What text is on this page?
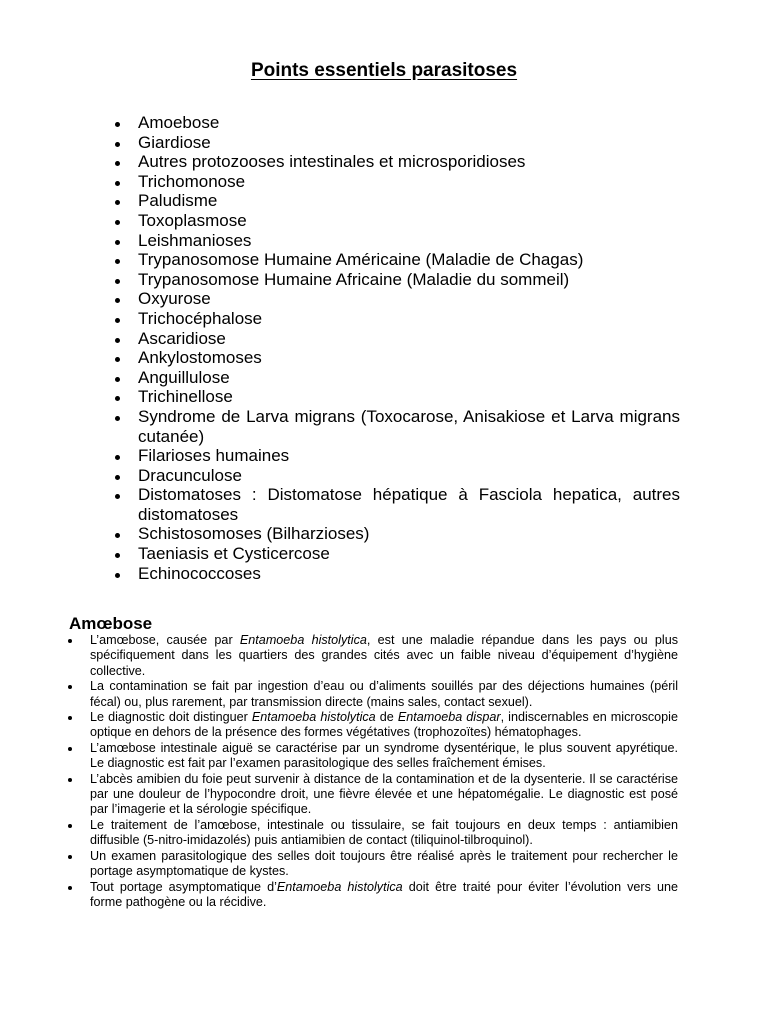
Points essentiels parasitoses
Amoebose
Giardiose
Autres protozooses intestinales et microsporidioses
Trichomonose
Paludisme
Toxoplasmose
Leishmanioses
Trypanosomose Humaine Américaine (Maladie de Chagas)
Trypanosomose Humaine Africaine (Maladie du sommeil)
Oxyurose
Trichocéphalose
Ascaridiose
Ankylostomoses
Anguillulose
Trichinellose
Syndrome de Larva migrans (Toxocarose, Anisakiose et Larva migrans cutanée)
Filarioses humaines
Dracunculose
Distomatoses : Distomatose hépatique à Fasciola hepatica, autres distomatoses
Schistosomoses (Bilharzioses)
Taeniasis et Cysticercose
Echinococcoses
Amœbose
L’amœbose, causée par Entamoeba histolytica, est une maladie répandue dans les pays ou plus spécifiquement dans les quartiers des grandes cités avec un faible niveau d’équipement d’hygiène collective.
La contamination se fait par ingestion d’eau ou d’aliments souillés par des déjections humaines (péril fécal) ou, plus rarement, par transmission directe (mains sales, contact sexuel).
Le diagnostic doit distinguer Entamoeba histolytica de Entamoeba dispar, indiscernables en microscopie optique en dehors de la présence des formes végétatives (trophozoïtes) hématophages.
L’amœbose intestinale aiguë se caractérise par un syndrome dysentérique, le plus souvent apyrétique. Le diagnostic est fait par l’examen parasitologique des selles fraîchement émises.
L’abcès amibien du foie peut survenir à distance de la contamination et de la dysenterie. Il se caractérise par une douleur de l’hypocondre droit, une fièvre élevée et une hépatomégalie. Le diagnostic est posé par l’imagerie et la sérologie spécifique.
Le traitement de l’amœbose, intestinale ou tissulaire, se fait toujours en deux temps : antiamibien diffusible (5-nitro-imidazolés) puis antiamibien de contact (tiliquinol-tilbroquinol).
Un examen parasitologique des selles doit toujours être réalisé après le traitement pour rechercher le portage asymptomatique de kystes.
Tout portage asymptomatique d’Entamoeba histolytica doit être traité pour éviter l’évolution vers une forme pathogène ou la récidive.
